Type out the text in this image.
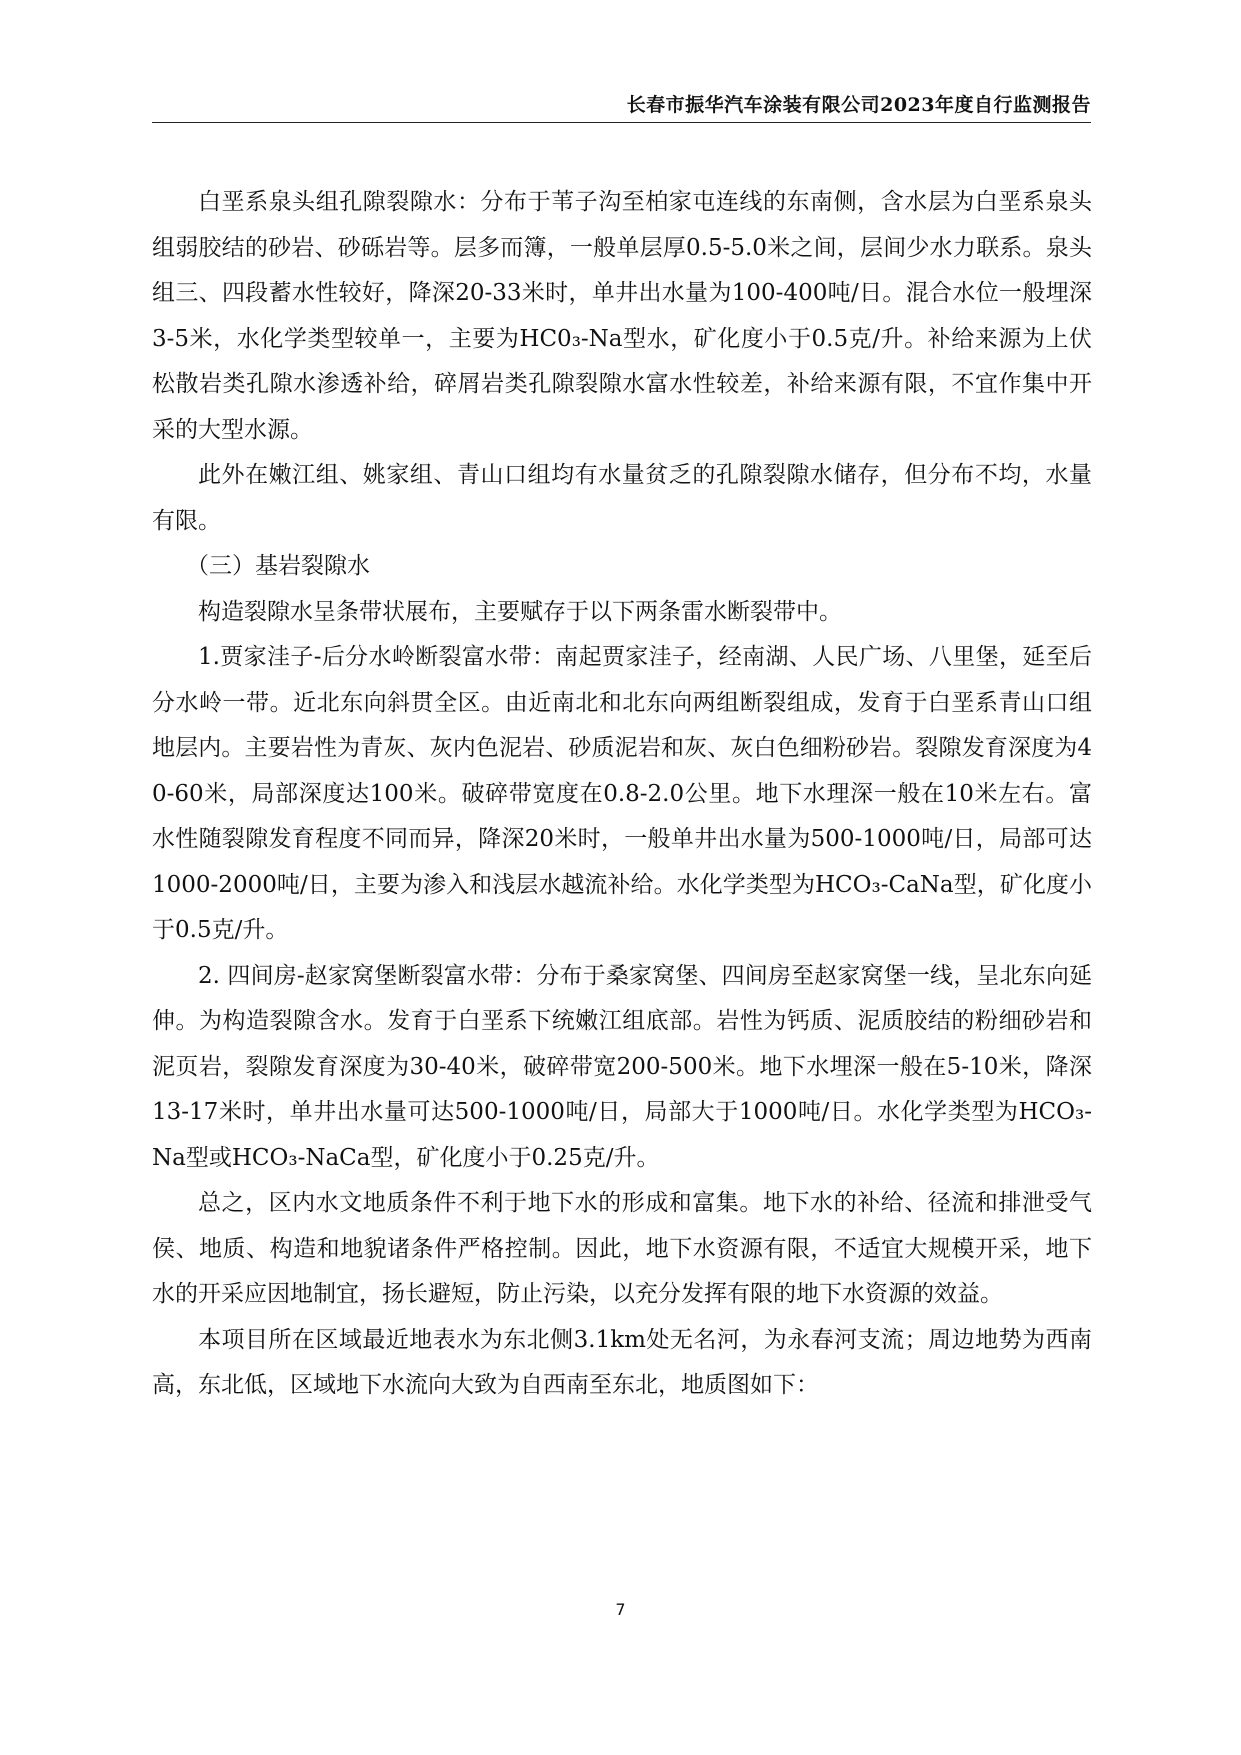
长春市振华汽车涂装有限公司2023年度自行监测报告

白垩系泉头组孔隙裂隙水：分布于苇子沟至柏家屯连线的东南侧，含水层为白垩系泉头组弱胶结的砂岩、砂砾岩等。层多而簿，一般单层厚0.5-5.0米之间，层间少水力联系。泉头组三、四段蓄水性较好，降深20-33米时，单井出水量为100-400吨/日。混合水位一般埋深3-5米，水化学类型较单一，主要为HC0₃-Na型水，矿化度小于0.5克/升。补给来源为上伏松散岩类孔隙水渗透补给，碎屑岩类孔隙裂隙水富水性较差，补给来源有限，不宜作集中开采的大型水源。

此外在嫩江组、姚家组、青山口组均有水量贫乏的孔隙裂隙水储存，但分布不均，水量有限。

（三）基岩裂隙水

构造裂隙水呈条带状展布，主要赋存于以下两条雷水断裂带中。

1.贾家洼子-后分水岭断裂富水带：南起贾家洼子，经南湖、人民广场、八里堡，延至后分水岭一带。近北东向斜贯全区。由近南北和北东向两组断裂组成，发育于白垩系青山口组地层内。主要岩性为青灰、灰内色泥岩、砂质泥岩和灰、灰白色细粉砂岩。裂隙发育深度为40-60米，局部深度达100米。破碎带宽度在0.8-2.0公里。地下水理深一般在10米左右。富水性随裂隙发育程度不同而异，降深20米时，一般单井出水量为500-1000吨/日，局部可达1000-2000吨/日，主要为渗入和浅层水越流补给。水化学类型为HCO₃-CaNa型，矿化度小于0.5克/升。

2. 四间房-赵家窝堡断裂富水带：分布于桑家窝堡、四间房至赵家窝堡一线，呈北东向延伸。为构造裂隙含水。发育于白垩系下统嫩江组底部。岩性为钙质、泥质胶结的粉细砂岩和泥页岩，裂隙发育深度为30-40米，破碎带宽200-500米。地下水埋深一般在5-10米，降深13-17米时，单井出水量可达500-1000吨/日，局部大于1000吨/日。水化学类型为HCO₃-Na型或HCO₃-NaCa型，矿化度小于0.25克/升。

总之，区内水文地质条件不利于地下水的形成和富集。地下水的补给、径流和排泄受气侯、地质、构造和地貌诸条件严格控制。因此，地下水资源有限，不适宜大规模开采，地下水的开采应因地制宜，扬长避短，防止污染，以充分发挥有限的地下水资源的效益。

本项目所在区域最近地表水为东北侧3.1km处无名河，为永春河支流；周边地势为西南高，东北低，区域地下水流向大致为自西南至东北，地质图如下：

7
